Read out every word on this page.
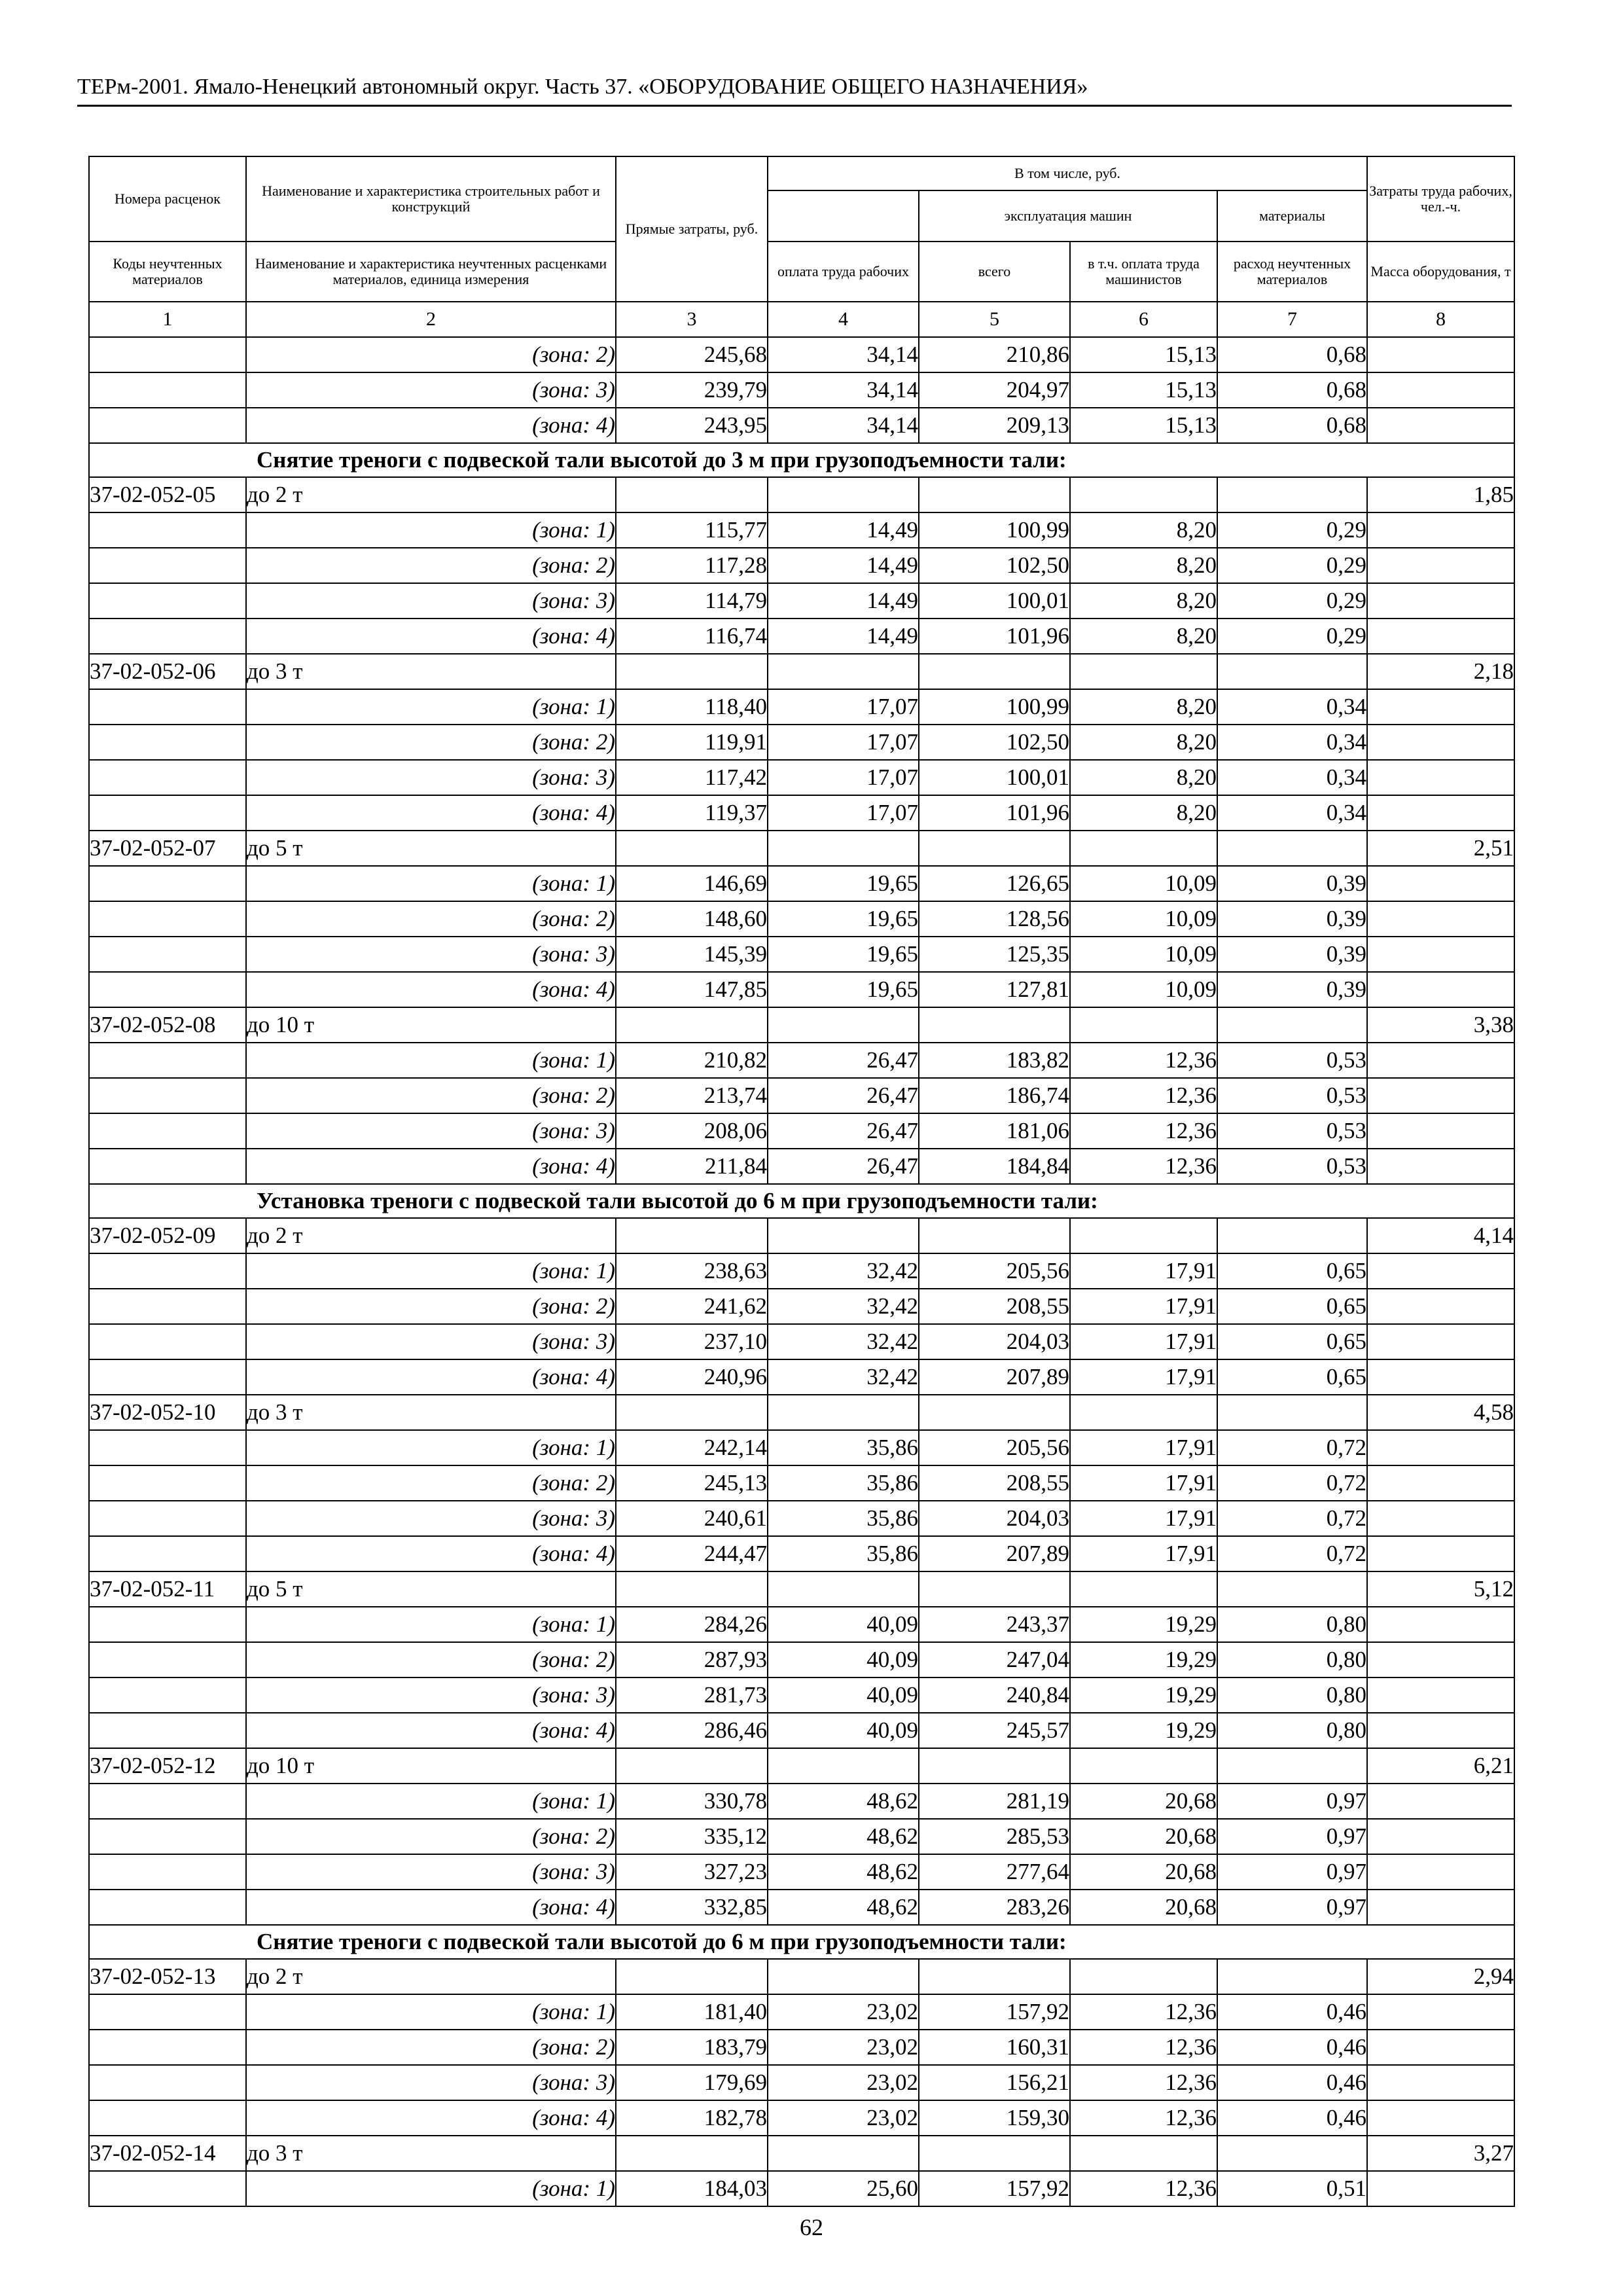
ТЕРм-2001. Ямало-Ненецкий автономный округ. Часть 37. «ОБОРУДОВАНИЕ ОБЩЕГО НАЗНАЧЕНИЯ»
Номера расценок	Наименование и характеристика строительных работ и конструкций	Прямые затраты, руб.	В том числе, руб.				Затраты труда рабочих, чел.-ч.
				эксплуатация машин		материалы	
Коды неучтенных материалов	Наименование и характеристика неучтенных расценками материалов, единица измерения		оплата труда рабочих	всего	в т.ч. оплата труда машинистов	расход неучтенных материалов	Масса оборудования, т
1	2	3	4	5	6	7	8
	(зона: 2)	245,68	34,14	210,86	15,13	0,68	
	(зона: 3)	239,79	34,14	204,97	15,13	0,68	
	(зона: 4)	243,95	34,14	209,13	15,13	0,68	
Снятие треноги с подвеской тали высотой до 3 м при грузоподъемности тали:							
37-02-052-05	до 2 т						1,85
	(зона: 1)	115,77	14,49	100,99	8,20	0,29	
	(зона: 2)	117,28	14,49	102,50	8,20	0,29	
	(зона: 3)	114,79	14,49	100,01	8,20	0,29	
	(зона: 4)	116,74	14,49	101,96	8,20	0,29	
37-02-052-06	до 3 т						2,18
	(зона: 1)	118,40	17,07	100,99	8,20	0,34	
	(зона: 2)	119,91	17,07	102,50	8,20	0,34	
	(зона: 3)	117,42	17,07	100,01	8,20	0,34	
	(зона: 4)	119,37	17,07	101,96	8,20	0,34	
37-02-052-07	до 5 т						2,51
	(зона: 1)	146,69	19,65	126,65	10,09	0,39	
	(зона: 2)	148,60	19,65	128,56	10,09	0,39	
	(зона: 3)	145,39	19,65	125,35	10,09	0,39	
	(зона: 4)	147,85	19,65	127,81	10,09	0,39	
37-02-052-08	до 10 т						3,38
	(зона: 1)	210,82	26,47	183,82	12,36	0,53	
	(зона: 2)	213,74	26,47	186,74	12,36	0,53	
	(зона: 3)	208,06	26,47	181,06	12,36	0,53	
	(зона: 4)	211,84	26,47	184,84	12,36	0,53	
Установка треноги с подвеской тали высотой до 6 м при грузоподъемности тали:							
37-02-052-09	до 2 т						4,14
	(зона: 1)	238,63	32,42	205,56	17,91	0,65	
	(зона: 2)	241,62	32,42	208,55	17,91	0,65	
	(зона: 3)	237,10	32,42	204,03	17,91	0,65	
	(зона: 4)	240,96	32,42	207,89	17,91	0,65	
37-02-052-10	до 3 т						4,58
	(зона: 1)	242,14	35,86	205,56	17,91	0,72	
	(зона: 2)	245,13	35,86	208,55	17,91	0,72	
	(зона: 3)	240,61	35,86	204,03	17,91	0,72	
	(зона: 4)	244,47	35,86	207,89	17,91	0,72	
37-02-052-11	до 5 т						5,12
	(зона: 1)	284,26	40,09	243,37	19,29	0,80	
	(зона: 2)	287,93	40,09	247,04	19,29	0,80	
	(зона: 3)	281,73	40,09	240,84	19,29	0,80	
	(зона: 4)	286,46	40,09	245,57	19,29	0,80	
37-02-052-12	до 10 т						6,21
	(зона: 1)	330,78	48,62	281,19	20,68	0,97	
	(зона: 2)	335,12	48,62	285,53	20,68	0,97	
	(зона: 3)	327,23	48,62	277,64	20,68	0,97	
	(зона: 4)	332,85	48,62	283,26	20,68	0,97	
Снятие треноги с подвеской тали высотой до 6 м при грузоподъемности тали:							
37-02-052-13	до 2 т						2,94
	(зона: 1)	181,40	23,02	157,92	12,36	0,46	
	(зона: 2)	183,79	23,02	160,31	12,36	0,46	
	(зона: 3)	179,69	23,02	156,21	12,36	0,46	
	(зона: 4)	182,78	23,02	159,30	12,36	0,46	
37-02-052-14	до 3 т						3,27
	(зона: 1)	184,03	25,60	157,92	12,36	0,51	
62
